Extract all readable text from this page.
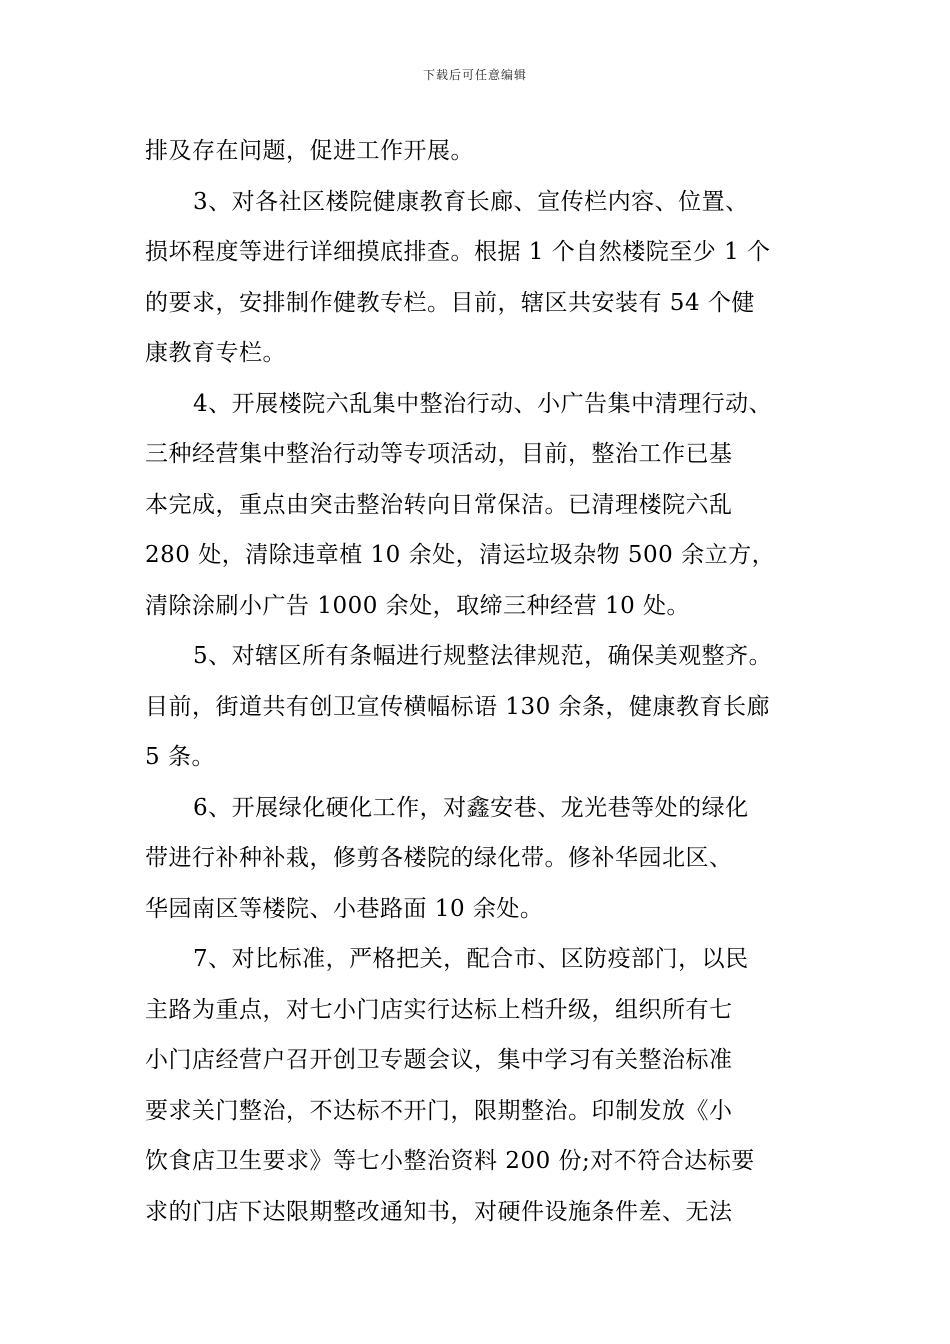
下载后可任意编辑
排及存在问题，促进工作开展。
3、对各社区楼院健康教育长廊、宣传栏内容、位置、
损坏程度等进行详细摸底排查。根据 1 个自然楼院至少 1 个
的要求，安排制作健教专栏。目前，辖区共安装有 54 个健
康教育专栏。
4、开展楼院六乱集中整治行动、小广告集中清理行动、
三种经营集中整治行动等专项活动，目前，整治工作已基
本完成，重点由突击整治转向日常保洁。已清理楼院六乱
280 处，清除违章植 10 余处，清运垃圾杂物 500 余立方，
清除涂刷小广告 1000 余处，取缔三种经营 10 处。
5、对辖区所有条幅进行规整法律规范，确保美观整齐。
目前，街道共有创卫宣传横幅标语 130 余条，健康教育长廊
5 条。
6、开展绿化硬化工作，对鑫安巷、龙光巷等处的绿化
带进行补种补栽，修剪各楼院的绿化带。修补华园北区、
华园南区等楼院、小巷路面 10 余处。
7、对比标准，严格把关，配合市、区防疫部门，以民
主路为重点，对七小门店实行达标上档升级，组织所有七
小门店经营户召开创卫专题会议，集中学习有关整治标准
要求关门整治，不达标不开门，限期整治。印制发放《小
饮食店卫生要求》等七小整治资料 200 份;对不符合达标要
求的门店下达限期整改通知书，对硬件设施条件差、无法
